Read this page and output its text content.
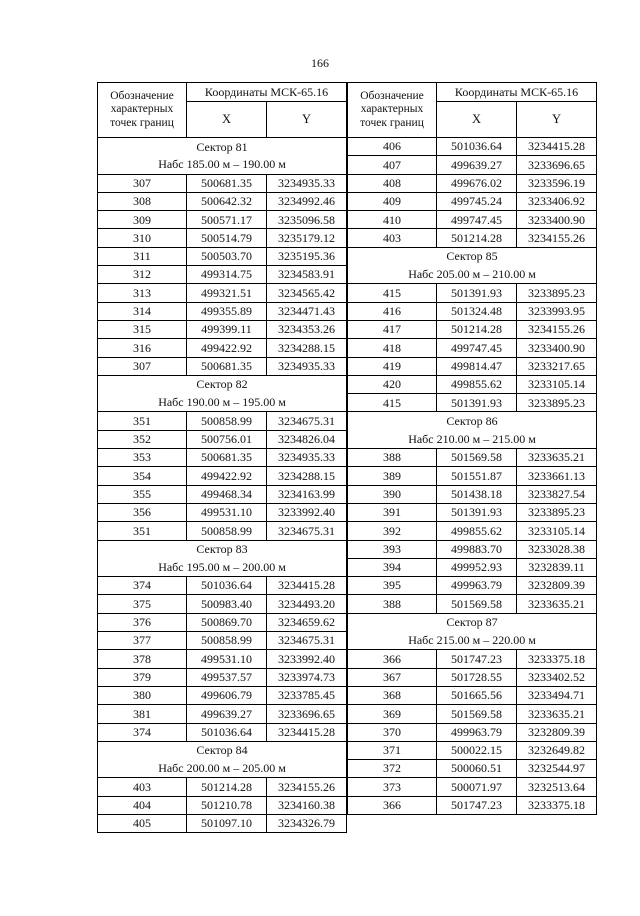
166
Обозначение
характерных
точек границ	Координаты МСК-65.16	
	X	Y
Сектор 81		
Набс 185.00 м – 190.00 м		
307	500681.35	3234935.33
308	500642.32	3234992.46
309	500571.17	3235096.58
310	500514.79	3235179.12
311	500503.70	3235195.36
312	499314.75	3234583.91
313	499321.51	3234565.42
314	499355.89	3234471.43
315	499399.11	3234353.26
316	499422.92	3234288.15
307	500681.35	3234935.33
Сектор 82		
Набс 190.00 м – 195.00 м		
351	500858.99	3234675.31
352	500756.01	3234826.04
353	500681.35	3234935.33
354	499422.92	3234288.15
355	499468.34	3234163.99
356	499531.10	3233992.40
351	500858.99	3234675.31
Сектор 83		
Набс 195.00 м – 200.00 м		
374	501036.64	3234415.28
375	500983.40	3234493.20
376	500869.70	3234659.62
377	500858.99	3234675.31
378	499531.10	3233992.40
379	499537.57	3233974.73
380	499606.79	3233785.45
381	499639.27	3233696.65
374	501036.64	3234415.28
Сектор 84		
Набс 200.00 м – 205.00 м		
403	501214.28	3234155.26
404	501210.78	3234160.38
405	501097.10	3234326.79
Обозначение
характерных
точек границ	Координаты МСК-65.16	
	X	Y
406	501036.64	3234415.28
407	499639.27	3233696.65
408	499676.02	3233596.19
409	499745.24	3233406.92
410	499747.45	3233400.90
403	501214.28	3234155.26
Сектор 85		
Набс 205.00 м – 210.00 м		
415	501391.93	3233895.23
416	501324.48	3233993.95
417	501214.28	3234155.26
418	499747.45	3233400.90
419	499814.47	3233217.65
420	499855.62	3233105.14
415	501391.93	3233895.23
Сектор 86		
Набс 210.00 м – 215.00 м		
388	501569.58	3233635.21
389	501551.87	3233661.13
390	501438.18	3233827.54
391	501391.93	3233895.23
392	499855.62	3233105.14
393	499883.70	3233028.38
394	499952.93	3232839.11
395	499963.79	3232809.39
388	501569.58	3233635.21
Сектор 87		
Набс 215.00 м – 220.00 м		
366	501747.23	3233375.18
367	501728.55	3233402.52
368	501665.56	3233494.71
369	501569.58	3233635.21
370	499963.79	3232809.39
371	500022.15	3232649.82
372	500060.51	3232544.97
373	500071.97	3232513.64
366	501747.23	3233375.18
